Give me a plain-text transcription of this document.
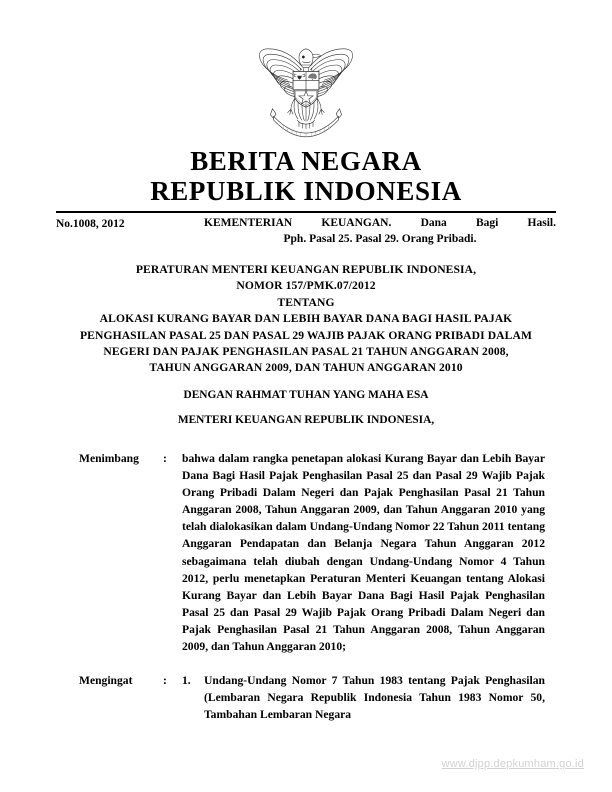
BERITA NEGARA
REPUBLIK INDONESIA
No.1008, 2012	KEMENTERIAN KEUANGAN. Dana Bagi Hasil.
Pph. Pasal 25. Pasal 29. Orang Pribadi.
PERATURAN MENTERI KEUANGAN REPUBLIK INDONESIA,
NOMOR 157/PMK.07/2012
TENTANG
ALOKASI KURANG BAYAR DAN LEBIH BAYAR DANA BAGI HASIL PAJAK
PENGHASILAN PASAL 25 DAN PASAL 29 WAJIB PAJAK ORANG PRIBADI DALAM
NEGERI DAN PAJAK PENGHASILAN PASAL 21 TAHUN ANGGARAN 2008,
TAHUN ANGGARAN 2009, DAN TAHUN ANGGARAN 2010
DENGAN RAHMAT TUHAN YANG MAHA ESA
MENTERI KEUANGAN REPUBLIK INDONESIA,
Menimbang	:	bahwa dalam rangka penetapan alokasi Kurang Bayar dan Lebih Bayar Dana Bagi Hasil Pajak Penghasilan Pasal 25 dan Pasal 29 Wajib Pajak Orang Pribadi Dalam Negeri dan Pajak Penghasilan Pasal 21 Tahun Anggaran 2008, Tahun Anggaran 2009, dan Tahun Anggaran 2010 yang telah dialokasikan dalam Undang-Undang Nomor 22 Tahun 2011 tentang Anggaran Pendapatan dan Belanja Negara Tahun Anggaran 2012 sebagaimana telah diubah dengan Undang-Undang Nomor 4 Tahun 2012, perlu menetapkan Peraturan Menteri Keuangan tentang Alokasi Kurang Bayar dan Lebih Bayar Dana Bagi Hasil Pajak Penghasilan Pasal 25 dan Pasal 29 Wajib Pajak Orang Pribadi Dalam Negeri dan Pajak Penghasilan Pasal 21 Tahun Anggaran 2008, Tahun Anggaran 2009, dan Tahun Anggaran 2010;
Mengingat	:	1.	Undang-Undang Nomor 7 Tahun 1983 tentang Pajak Penghasilan (Lembaran Negara Republik Indonesia Tahun 1983 Nomor 50, Tambahan Lembaran Negara
www.djpp.depkumham.go.id
